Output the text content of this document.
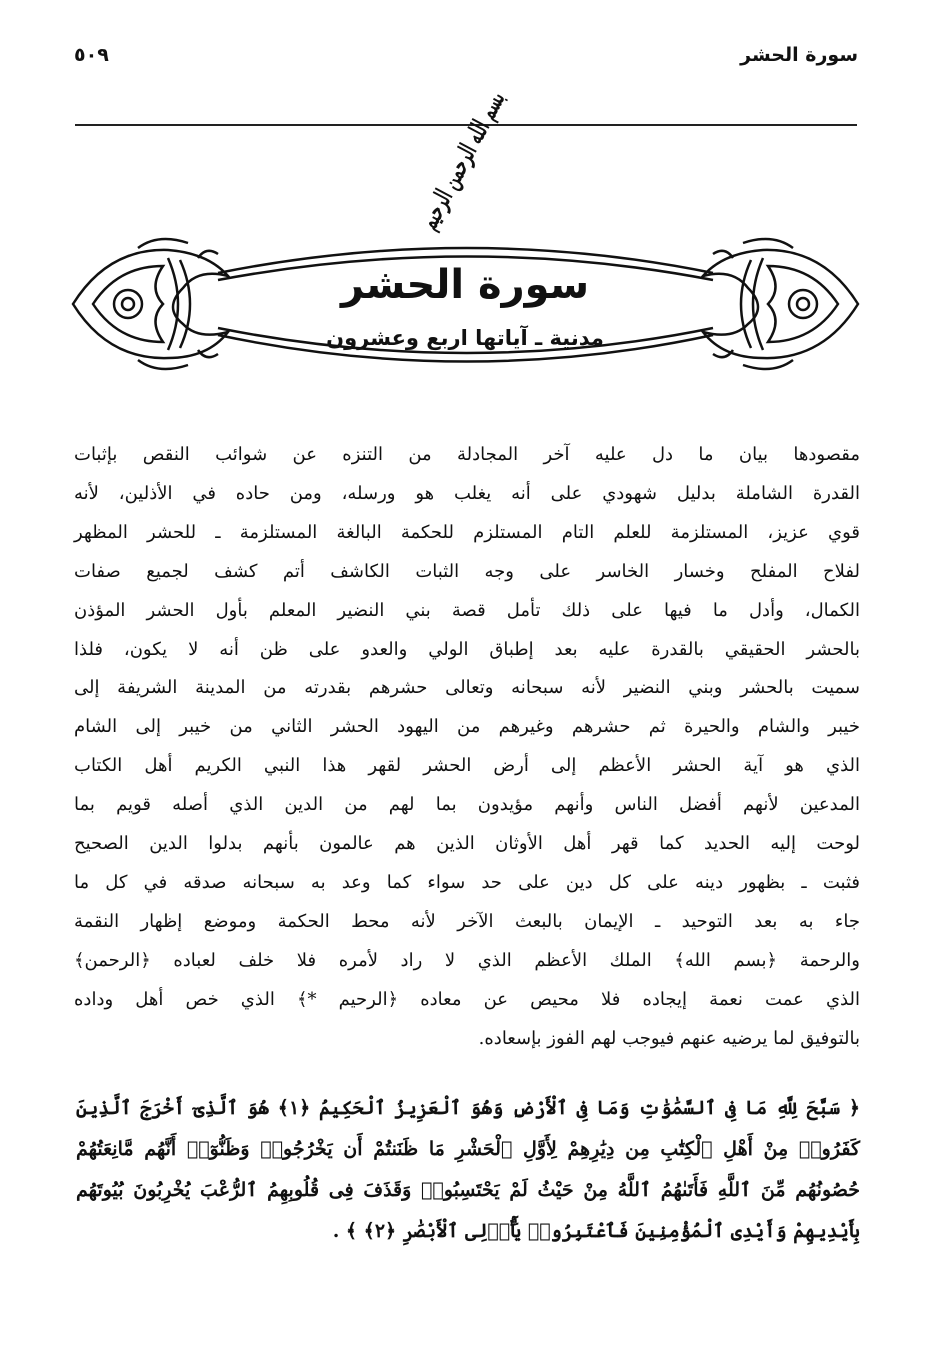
سورة الحشر
٥٠٩
بسم الله الرحمن الرحيم
سورة الحشر
مدنية ـ آياتها اربع وعشرون
مقصودها بيان ما دل عليه آخر المجادلة من التنزه عن شوائب النقص بإثبات
القدرة الشاملة بدليل شهودي على أنه يغلب هو ورسله، ومن حاده في الأذلين، لأنه
قوي عزيز، المستلزمة للعلم التام المستلزم للحكمة البالغة المستلزمة ـ للحشر المظهر
لفلاح المفلح وخسار الخاسر على وجه الثبات الكاشف أتم كشف لجميع صفات
الكمال، وأدل ما فيها على ذلك تأمل قصة بني النضير المعلم بأول الحشر المؤذن
بالحشر الحقيقي بالقدرة عليه بعد إطباق الولي والعدو على ظن أنه لا يكون، فلذا
سميت بالحشر وبني النضير لأنه سبحانه وتعالى حشرهم بقدرته من المدينة الشريفة إلى
خيبر والشام والحيرة ثم حشرهم وغيرهم من اليهود الحشر الثاني من خيبر إلى الشام
الذي هو آية الحشر الأعظم إلى أرض الحشر لقهر هذا النبي الكريم أهل الكتاب
المدعين لأنهم أفضل الناس وأنهم مؤيدون بما لهم من الدين الذي أصله قويم بما
لوحت إليه الحديد كما قهر أهل الأوثان الذين هم عالمون بأنهم بدلوا الدين الصحيح
فثبت ـ بظهور دينه على كل دين على حد سواء كما وعد به سبحانه صدقه في كل ما
جاء به بعد التوحيد ـ الإيمان بالبعث الآخر لأنه محط الحكمة وموضع إظهار النقمة
والرحمة ﴿بسم الله﴾ الملك الأعظم الذي لا راد لأمره فلا خلف لعباده ﴿الرحمن﴾
الذي عمت نعمة إيجاده فلا محيص عن معاده ﴿الرحيم *﴾ الذي خص أهل وداده
بالتوفيق لما يرضيه عنهم فيوجب لهم الفوز بإسعاده.
﴿ سَبَّحَ لِلَّهِ مَا فِى ٱلسَّمَٰوَٰتِ وَمَا فِى ٱلْأَرْضِ وَهُوَ ٱلْعَزِيزُ ٱلْحَكِيمُ ﴿١﴾ هُوَ ٱلَّذِىٓ أَخْرَجَ ٱلَّذِينَ
كَفَرُوا۟ مِنْ أَهْلِ ٱلْكِتَٰبِ مِن دِيَٰرِهِمْ لِأَوَّلِ ٱلْحَشْرِ مَا ظَنَنتُمْ أَن يَخْرُجُوا۟ وَظَنُّوٓا۟ أَنَّهُم مَّانِعَتُهُمْ
حُصُونُهُم مِّنَ ٱللَّهِ فَأَتَىٰهُمُ ٱللَّهُ مِنْ حَيْثُ لَمْ يَحْتَسِبُوا۟ وَقَذَفَ فِى قُلُوبِهِمُ ٱلرُّعْبَ يُخْرِبُونَ بُيُوتَهُم
بِأَيْدِيهِمْ وَأَيْدِى ٱلْمُؤْمِنِينَ فَٱعْتَبِرُوا۟ يَٰٓأُو۟لِى ٱلْأَبْصَٰرِ ﴿٢﴾ ﴾ .
